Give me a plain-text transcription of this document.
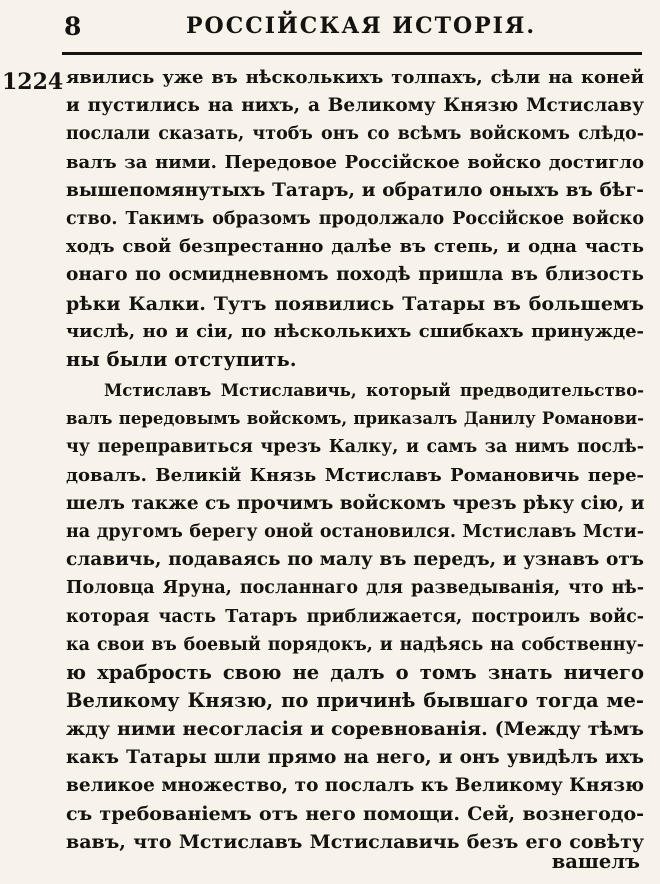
8	РОССІЙСКАЯ ИСТОРІЯ.
1224 явились уже въ нѣсколькихъ толпахъ, сѣли на коней
и пустились на нихъ, а Великому Князю Мстиславу
послали сказать, чтобъ онъ со всѣмъ войскомъ слѣдо-
валъ за ними. Передовое Россійское войско достигло
вышепомянутыхъ Татаръ, и обратило оныхъ въ бѣг-
ство. Такимъ образомъ продолжало Россійское войско
ходъ свой безпрестанно далѣе въ степь, и одна часть
онаго по осмидневномъ походѣ пришла въ близость
рѣки Калки. Тутъ появились Татары въ большемъ
числѣ, но и сіи, по нѣсколькихъ сшибкахъ принужде-
ны были отступить.
Мстиславъ Мстиславичь, который предводительство-
валъ передовымъ войскомъ, приказалъ Данилу Романови-
чу переправиться чрезъ Калку, и самъ за нимъ послѣ-
довалъ. Великій Князь Мстиславъ Романовичь пере-
шелъ также съ прочимъ войскомъ чрезъ рѣку сію, и
на другомъ берегу оной остановился. Мстиславъ Мсти-
славичь, подаваясь по малу въ передъ, и узнавъ отъ
Половца Яруна, посланнаго для разведыванія, что нѣ-
которая часть Татаръ приближается, построилъ войс-
ка свои въ боевый порядокъ, и надѣясь на собственну-
ю храбрость свою не далъ о томъ знать ничего
Великому Князю, по причинѣ бывшаго тогда ме-
жду ними несогласія и соревнованія. (Между тѣмъ
какъ Татары шли прямо на него, и онъ увидѣлъ ихъ
великое множество, то послалъ къ Великому Князю
съ требованіемъ отъ него помощи. Сей, вознегодо-
вавъ, что Мстиславъ Мстиславичь безъ его совѣту
вашелъ
